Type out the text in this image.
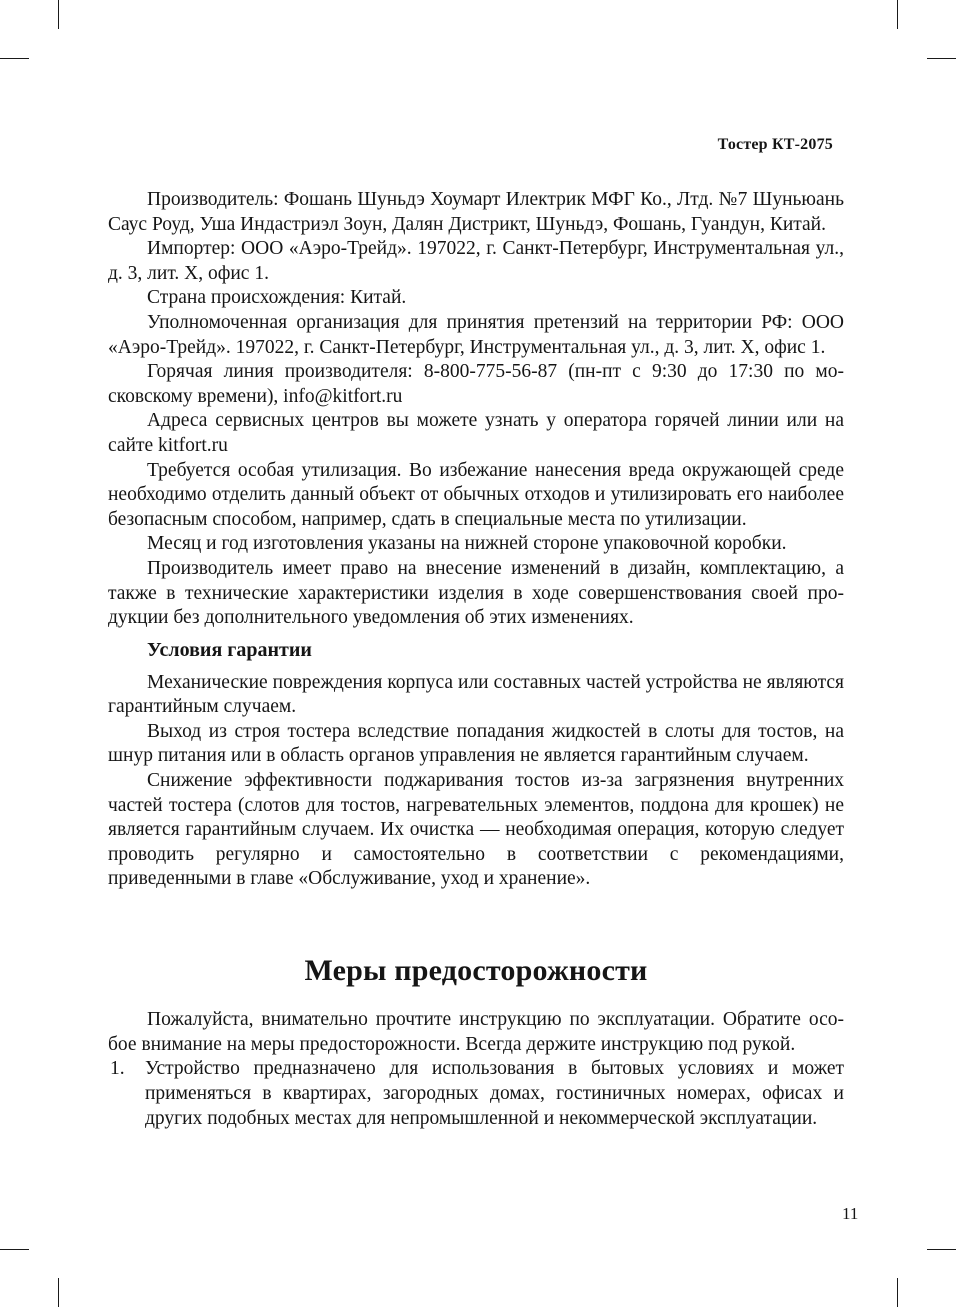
Тостер КТ-2075

Производитель: Фошань Шуньдэ Хоумарт Илектрик МФГ Ко., Лтд. №7 Шуньюань Саус Роуд, Уша Индастриэл Зоун, Далян Дистрикт, Шуньдэ, Фошань, Гуандун, Китай.

Импортер: ООО «Аэро-Трейд». 197022, г. Санкт-Петербург, Инструментальная ул., д. 3, лит. Х, офис 1.

Страна происхождения: Китай.

Уполномоченная организация для принятия претензий на территории РФ: ООО «Аэро-Трейд». 197022, г. Санкт-Петербург, Инструментальная ул., д. 3, лит. Х, офис 1.

Горячая линия производителя: 8-800-775-56-87 (пн-пт с 9:30 до 17:30 по московскому времени), info@kitfort.ru

Адреса сервисных центров вы можете узнать у оператора горячей линии или на сайте kitfort.ru

Требуется особая утилизация. Во избежание нанесения вреда окружающей среде необходимо отделить данный объект от обычных отходов и утилизировать его наиболее безопасным способом, например, сдать в специальные места по утилизации.

Месяц и год изготовления указаны на нижней стороне упаковочной коробки.

Производитель имеет право на внесение изменений в дизайн, комплектацию, а также в технические характеристики изделия в ходе совершенствования своей продукции без дополнительного уведомления об этих изменениях.

Условия гарантии

Механические повреждения корпуса или составных частей устройства не являются гарантийным случаем.

Выход из строя тостера вследствие попадания жидкостей в слоты для тостов, на шнур питания или в область органов управления не является гарантийным случаем.

Снижение эффективности поджаривания тостов из-за загрязнения внутренних частей тостера (слотов для тостов, нагревательных элементов, поддона для крошек) не является гарантийным случаем. Их очистка — необходимая операция, которую следует проводить регулярно и самостоятельно в соответствии с рекомендациями, приведенными в главе «Обслуживание, уход и хранение».

Меры предосторожности

Пожалуйста, внимательно прочтите инструкцию по эксплуатации. Обратите особое внимание на меры предосторожности. Всегда держите инструкцию под рукой.

1.	Устройство предназначено для использования в бытовых условиях и может применяться в квартирах, загородных домах, гостиничных номерах, офисах и других подобных местах для непромышленной и некоммерческой эксплуатации.
11
